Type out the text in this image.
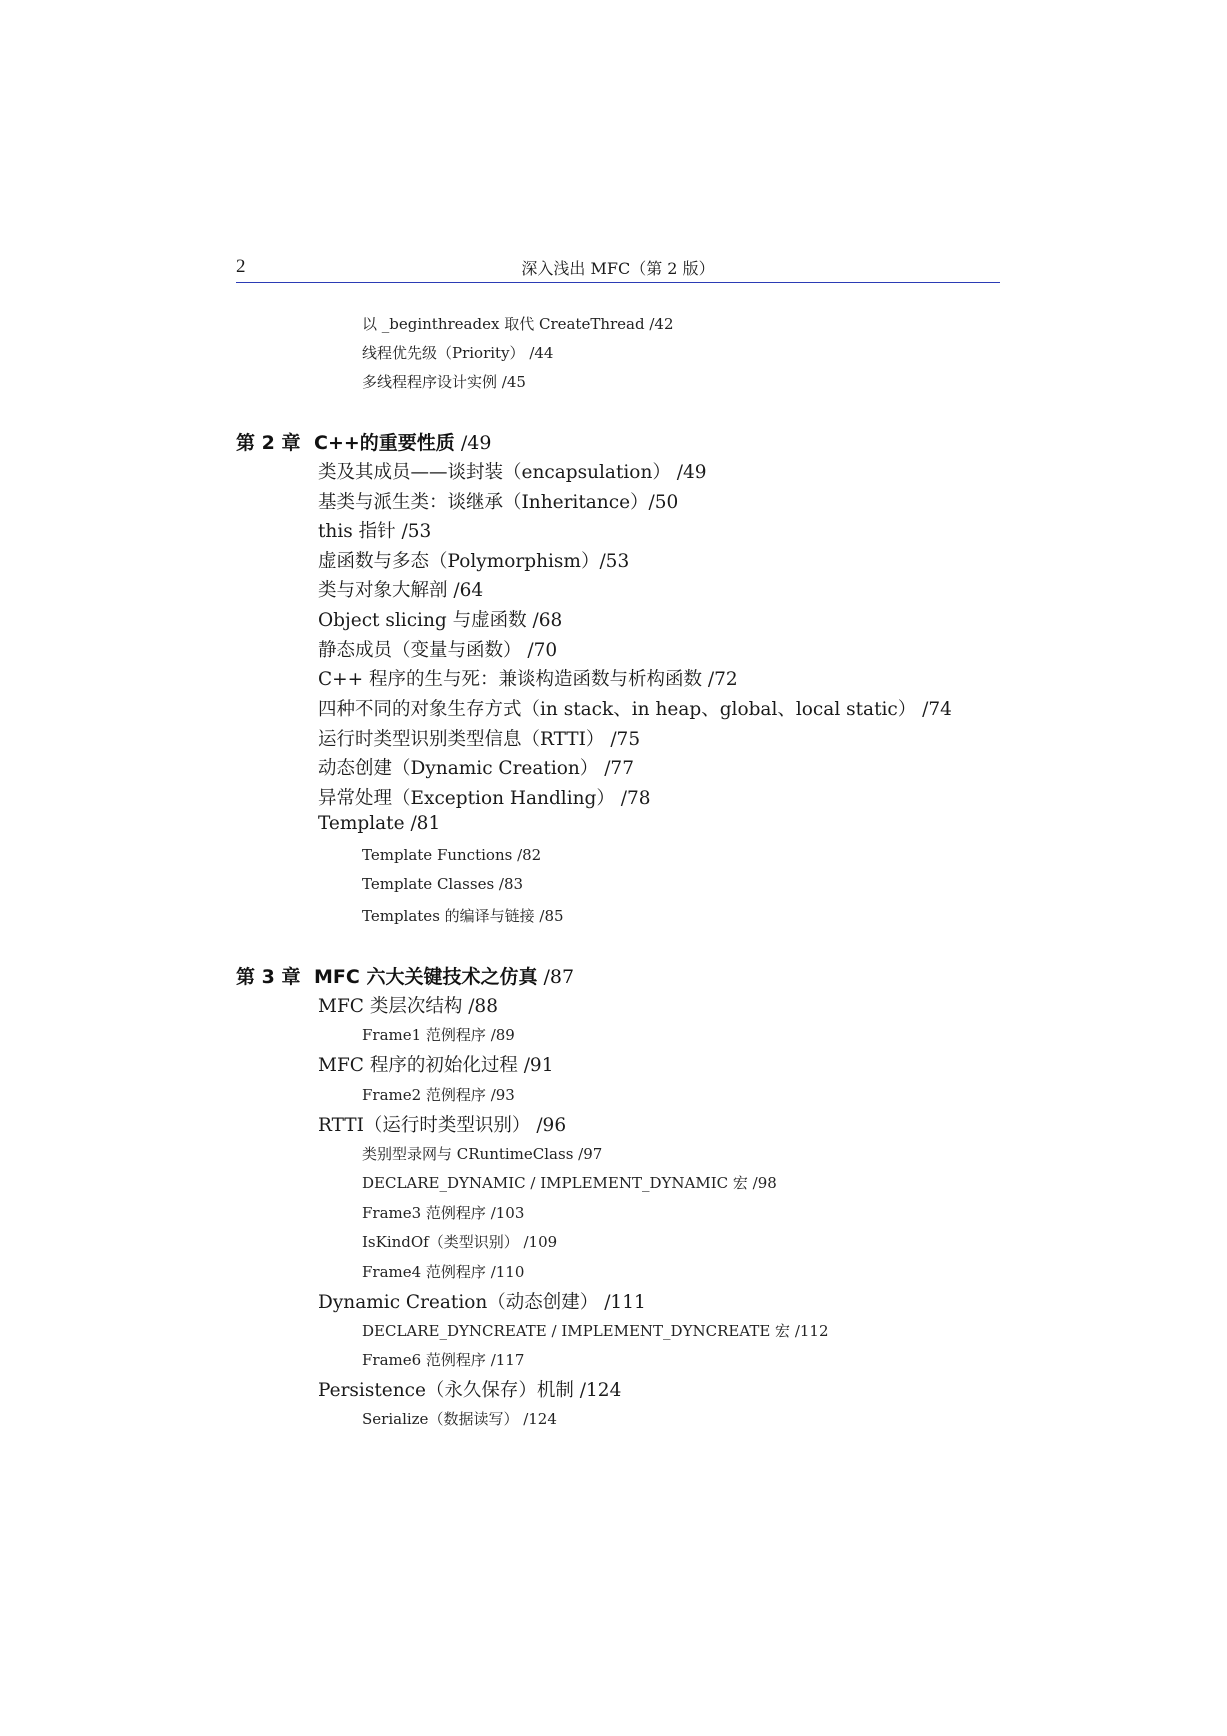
2	深入浅出 MFC（第 2 版）
以 _beginthreadex 取代 CreateThread /42
线程优先级（Priority） /44
多线程程序设计实例 /45
第 2 章 C++的重要性质 /49
类及其成员——谈封装（encapsulation） /49
基类与派生类：谈继承（Inheritance）/50
this 指针 /53
虚函数与多态（Polymorphism）/53
类与对象大解剖 /64
Object slicing 与虚函数 /68
静态成员（变量与函数） /70
C++ 程序的生与死：兼谈构造函数与析构函数 /72
四种不同的对象生存方式（in stack、in heap、global、local static） /74
运行时类型识别类型信息（RTTI） /75
动态创建（Dynamic Creation） /77
异常处理（Exception Handling） /78
Template /81
Template Functions /82
Template Classes /83
Templates 的编译与链接 /85
第 3 章 MFC 六大关键技术之仿真 /87
MFC 类层次结构 /88
Frame1 范例程序 /89
MFC 程序的初始化过程 /91
Frame2 范例程序 /93
RTTI（运行时类型识别） /96
类别型录网与 CRuntimeClass /97
DECLARE_DYNAMIC / IMPLEMENT_DYNAMIC 宏 /98
Frame3 范例程序 /103
IsKindOf（类型识别） /109
Frame4 范例程序 /110
Dynamic Creation（动态创建） /111
DECLARE_DYNCREATE / IMPLEMENT_DYNCREATE 宏 /112
Frame6 范例程序 /117
Persistence（永久保存）机制 /124
Serialize（数据读写） /124
